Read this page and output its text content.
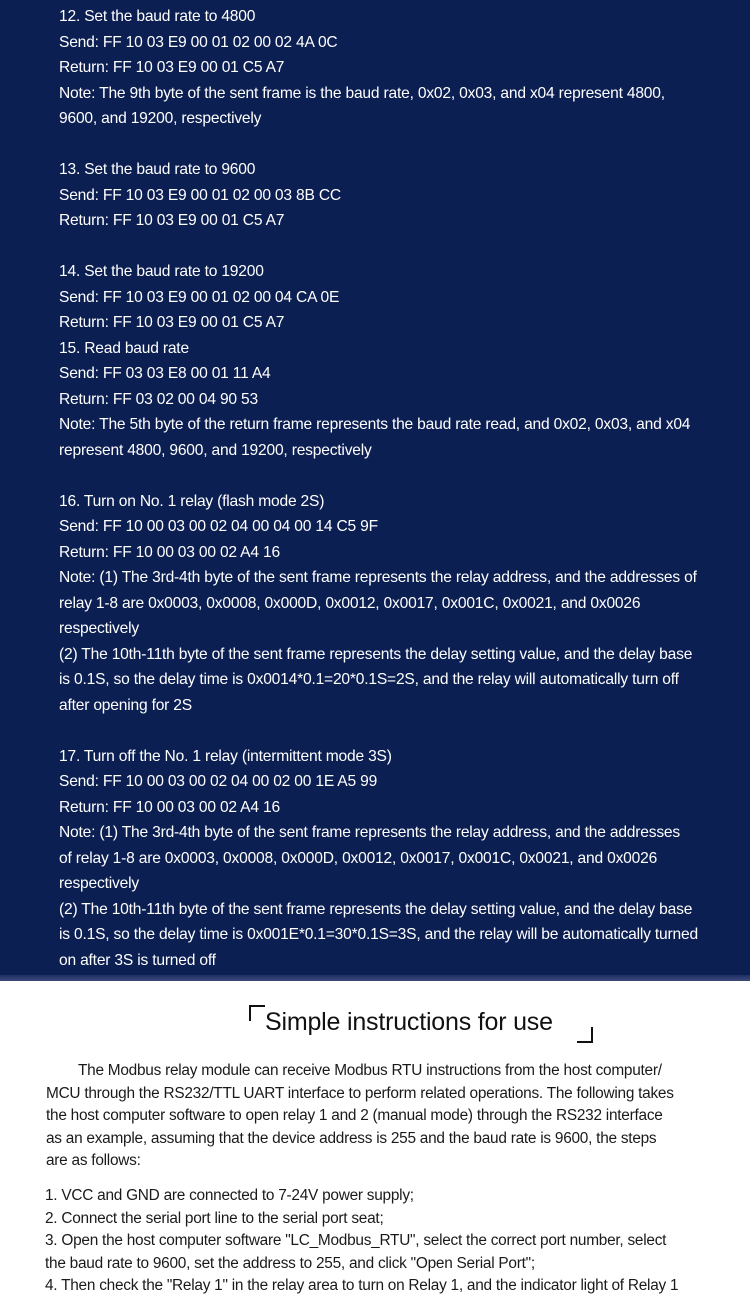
12. Set the baud rate to 4800
Send: FF 10 03 E9 00 01 02 00 02 4A 0C
Return: FF 10 03 E9 00 01 C5 A7
Note: The 9th byte of the sent frame is the baud rate, 0x02, 0x03, and x04 represent 4800,
9600, and 19200, respectively
13. Set the baud rate to 9600
Send: FF 10 03 E9 00 01 02 00 03 8B CC
Return: FF 10 03 E9 00 01 C5 A7
14. Set the baud rate to 19200
Send: FF 10 03 E9 00 01 02 00 04 CA 0E
Return: FF 10 03 E9 00 01 C5 A7
15. Read baud rate
Send: FF 03 03 E8 00 01 11 A4
Return: FF 03 02 00 04 90 53
Note: The 5th byte of the return frame represents the baud rate read, and 0x02, 0x03, and x04
represent 4800, 9600, and 19200, respectively
16. Turn on No. 1 relay (flash mode 2S)
Send: FF 10 00 03 00 02 04 00 04 00 14 C5 9F
Return: FF 10 00 03 00 02 A4 16
Note: (1) The 3rd-4th byte of the sent frame represents the relay address, and the addresses of
relay 1-8 are 0x0003, 0x0008, 0x000D, 0x0012, 0x0017, 0x001C, 0x0021, and 0x0026
respectively
(2) The 10th-11th byte of the sent frame represents the delay setting value, and the delay base
is 0.1S, so the delay time is 0x0014*0.1=20*0.1S=2S, and the relay will automatically turn off
after opening for 2S
17. Turn off the No. 1 relay (intermittent mode 3S)
Send: FF 10 00 03 00 02 04 00 02 00 1E A5 99
Return: FF 10 00 03 00 02 A4 16
Note: (1) The 3rd-4th byte of the sent frame represents the relay address, and the addresses
of relay 1-8 are 0x0003, 0x0008, 0x000D, 0x0012, 0x0017, 0x001C, 0x0021, and 0x0026
respectively
(2) The 10th-11th byte of the sent frame represents the delay setting value, and the delay base
is 0.1S, so the delay time is 0x001E*0.1=30*0.1S=3S, and the relay will be automatically turned
on after 3S is turned off
Simple instructions for use
The Modbus relay module can receive Modbus RTU instructions from the host computer/
MCU through the RS232/TTL UART interface to perform related operations. The following takes
the host computer software to open relay 1 and 2 (manual mode) through the RS232 interface
as an example, assuming that the device address is 255 and the baud rate is 9600, the steps
are as follows:
1. VCC and GND are connected to 7-24V power supply;
2. Connect the serial port line to the serial port seat;
3. Open the host computer software "LC_Modbus_RTU", select the correct port number, select
the baud rate to 9600, set the address to 255, and click "Open Serial Port";
4. Then check the "Relay 1" in the relay area to turn on Relay 1, and the indicator light of Relay 1
